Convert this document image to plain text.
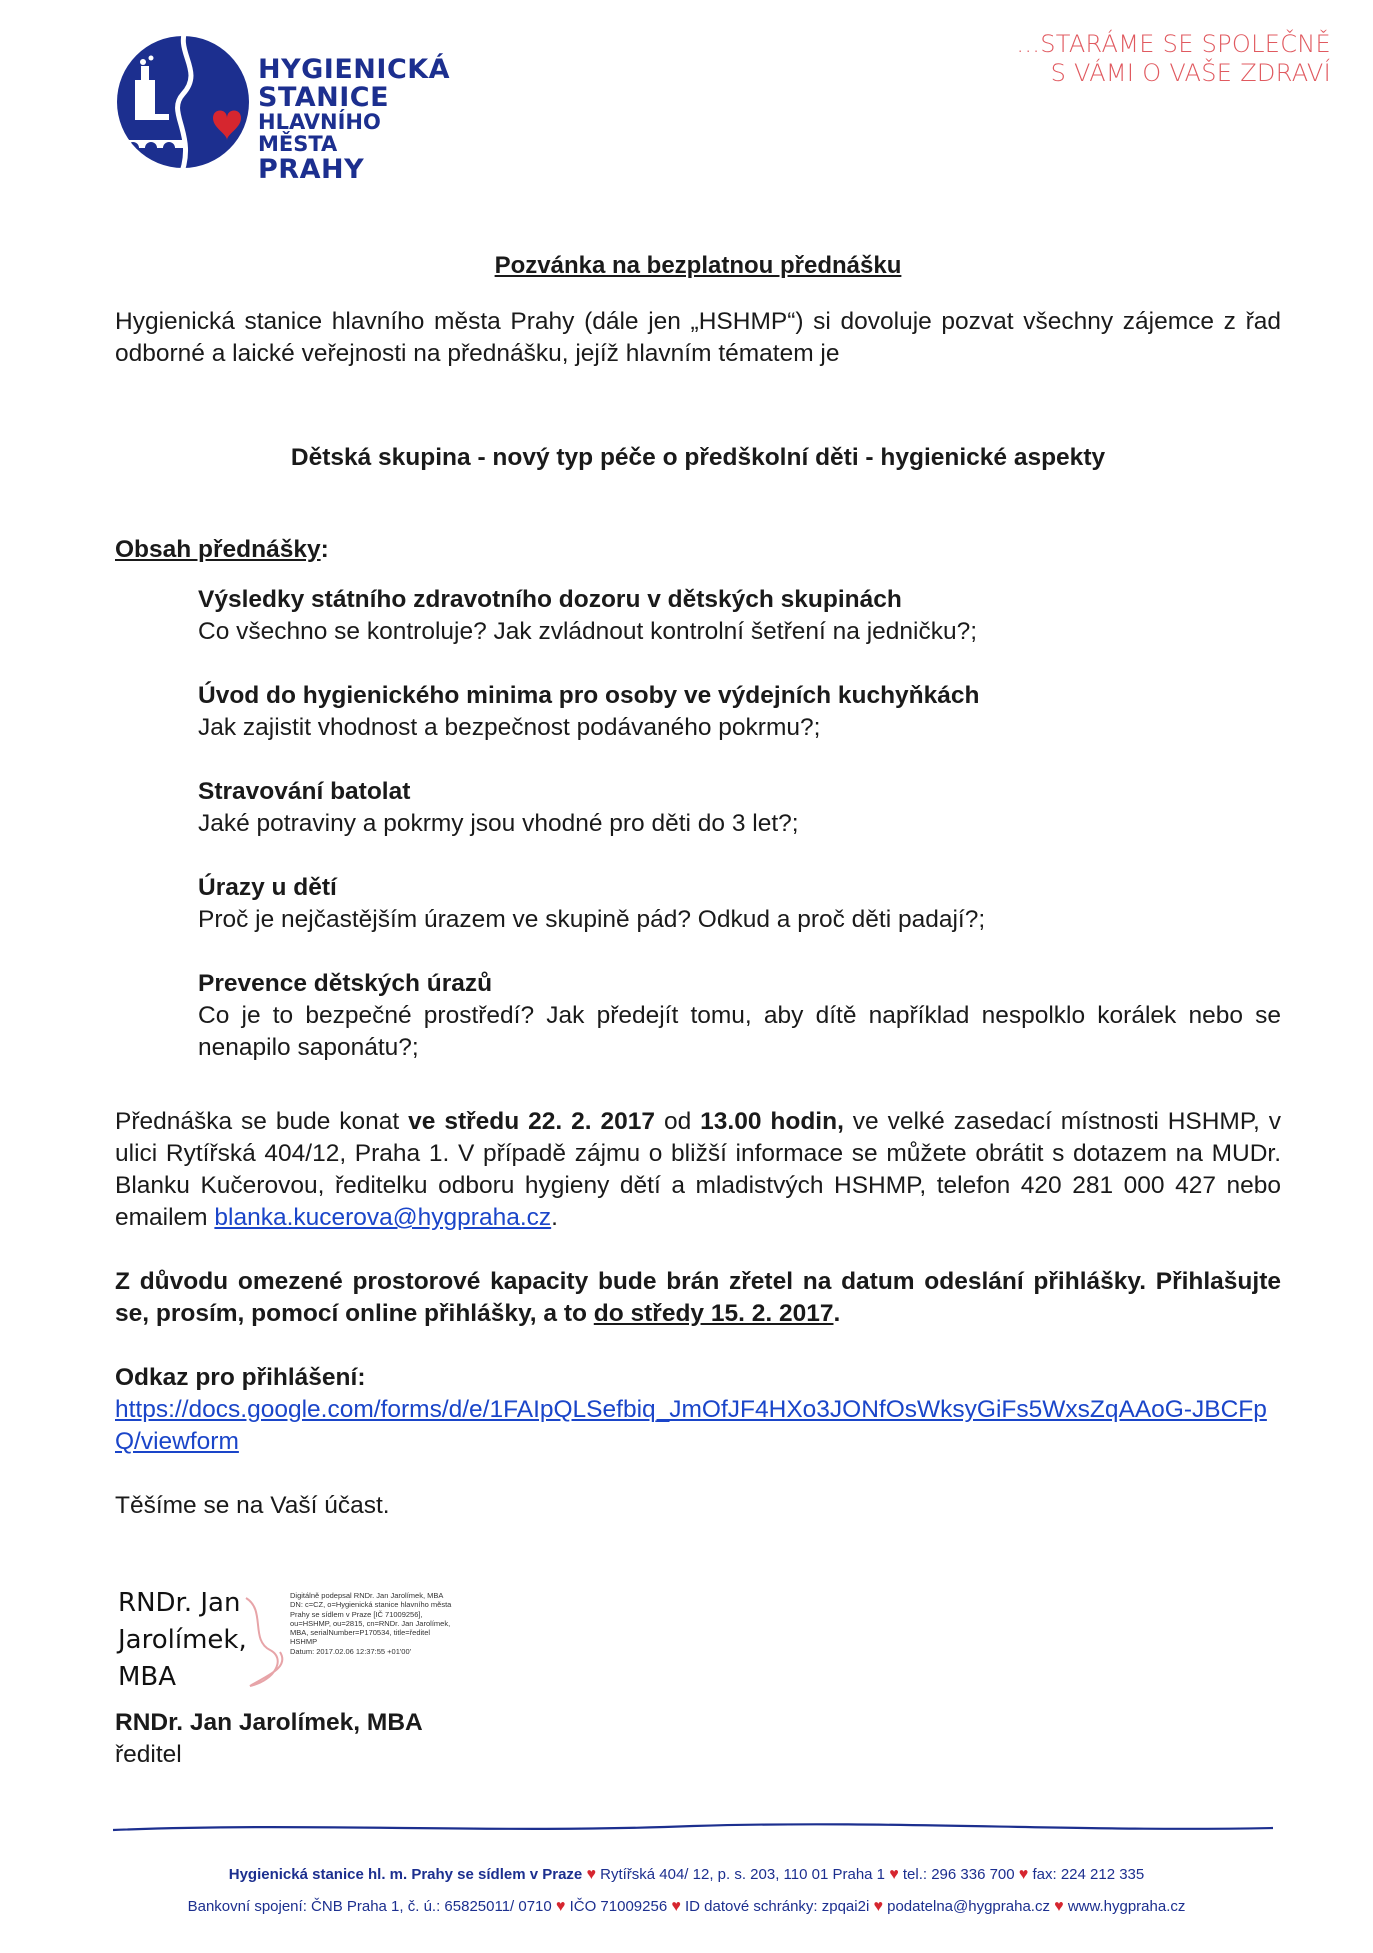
HYGIENICKÁ
STANICE
HLAVNÍHO MĚSTA
PRAHY
...STARÁME SE SPOLEČNĚ
S VÁMI O VAŠE ZDRAVÍ

Pozvánka na bezplatnou přednášku

Hygienická stanice hlavního města Prahy (dále jen „HSHMP“) si dovoluje pozvat všechny zájemce z řad odborné a laické veřejnosti na přednášku, jejíž hlavním tématem je

Dětská skupina - nový typ péče o předškolní děti - hygienické aspekty

Obsah přednášky:

Výsledky státního zdravotního dozoru v dětských skupinách
Co všechno se kontroluje? Jak zvládnout kontrolní šetření na jedničku?;
Úvod do hygienického minima pro osoby ve výdejních kuchyňkách
Jak zajistit vhodnost a bezpečnost podávaného pokrmu?;
Stravování batolat
Jaké potraviny a pokrmy jsou vhodné pro děti do 3 let?;
Úrazy u dětí
Proč je nejčastějším úrazem ve skupině pád? Odkud a proč děti padají?;
Prevence dětských úrazů
Co je to bezpečné prostředí? Jak předejít tomu, aby dítě například nespolklo korálek nebo se nenapilo saponátu?;

Přednáška se bude konat ve středu 22. 2. 2017 od 13.00 hodin, ve velké zasedací místnosti HSHMP, v ulici Rytířská 404/12, Praha 1. V případě zájmu o bližší informace se můžete obrátit s dotazem na MUDr. Blanku Kučerovou, ředitelku odboru hygieny dětí a mladistvých HSHMP, telefon 420 281 000 427 nebo emailem blanka.kucerova@hygpraha.cz.

Z důvodu omezené prostorové kapacity bude brán zřetel na datum odeslání přihlášky. Přihlašujte se, prosím, pomocí online přihlášky, a to do středy 15. 2. 2017.

Odkaz pro přihlášení:
https://docs.google.com/forms/d/e/1FAIpQLSefbiq_JmOfJF4HXo3JONfOsWksyGiFs5WxsZqAAoG-JBCFpQ/viewform

Těšíme se na Vaší účast.

RNDr. Jan
Jarolímek,
MBA
Digitálně podepsal RNDr. Jan Jarolímek, MBA
DN: c=CZ, o=Hygienická stanice hlavního města
Prahy se sídlem v Praze [IČ 71009256],
ou=HSHMP, ou=2815, cn=RNDr. Jan Jarolímek,
MBA, serialNumber=P170534, title=ředitel
HSHMP
Datum: 2017.02.06 12:37:55 +01'00'
RNDr. Jan Jarolímek, MBA
ředitel
Hygienická stanice hl. m. Prahy se sídlem v Praze ♥ Rytířská 404/ 12, p. s. 203, 110 01 Praha 1 ♥ tel.: 296 336 700 ♥ fax: 224 212 335
Bankovní spojení: ČNB Praha 1, č. ú.: 65825011/ 0710 ♥ IČO 71009256 ♥ ID datové schránky: zpqai2i ♥ podatelna@hygpraha.cz ♥ www.hygpraha.cz
